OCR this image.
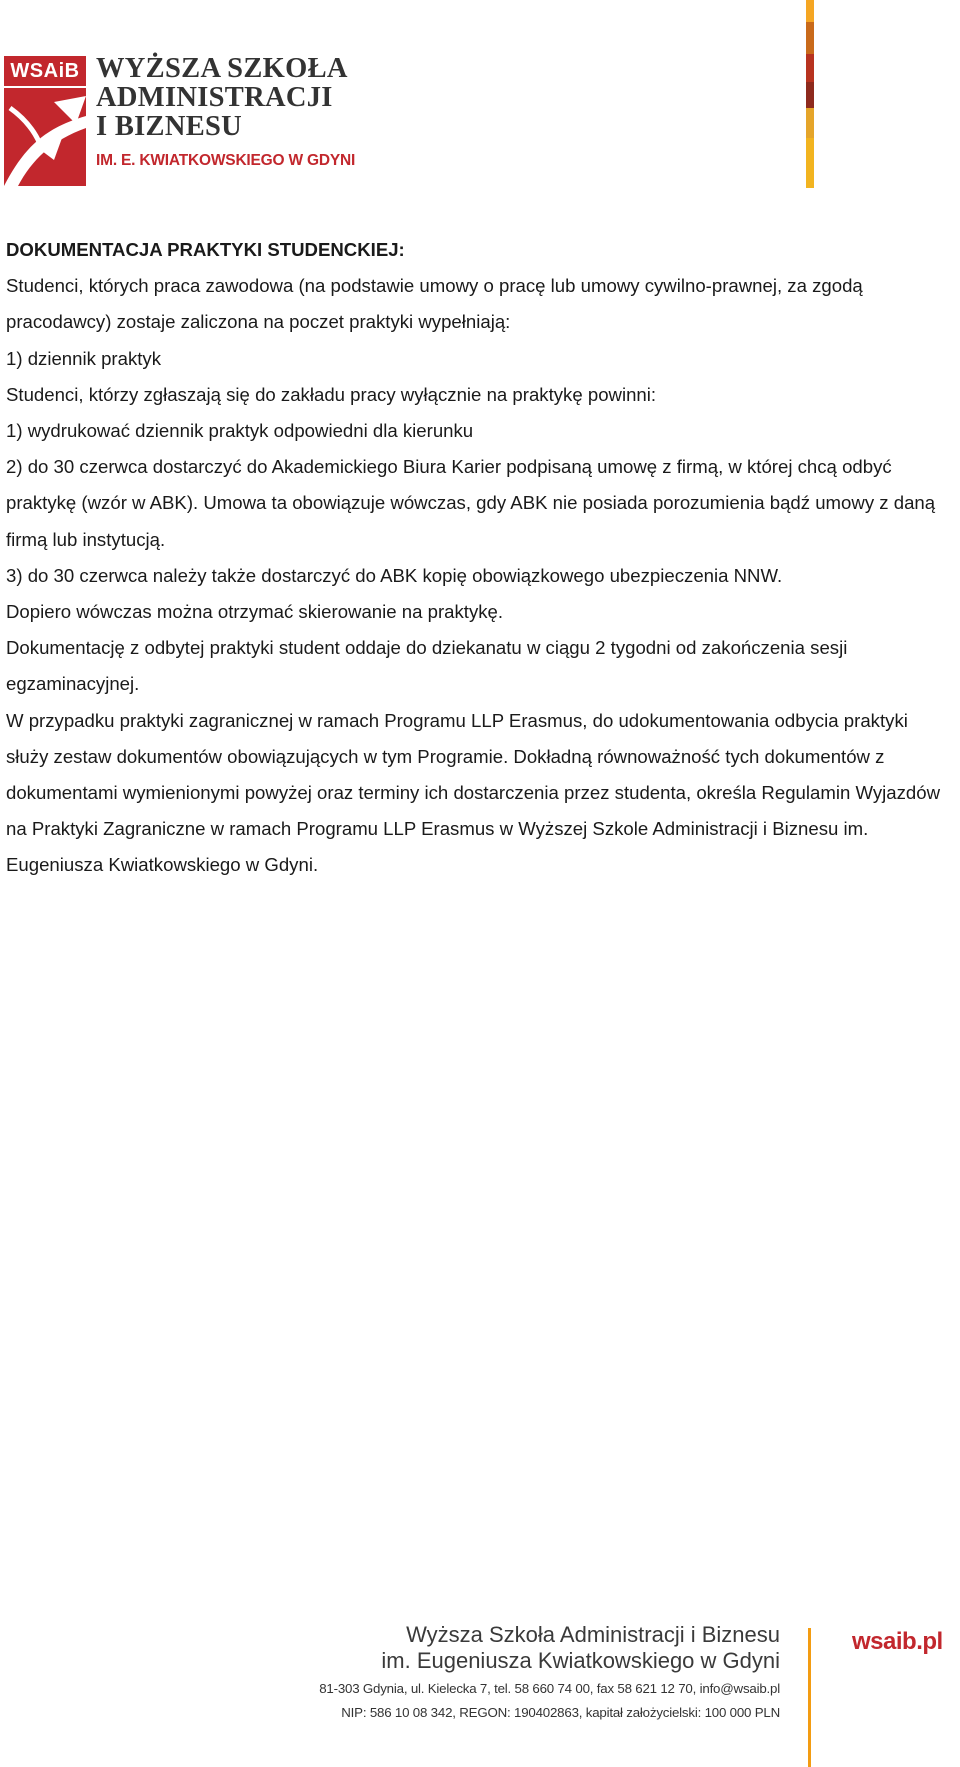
WSAiB WYŻSZA SZKOŁA
ADMINISTRACJI
I BIZNESU
IM. E. KWIATKOWSKIEGO W GDYNI

DOKUMENTACJA PRAKTYKI STUDENCKIEJ:

Studenci, których praca zawodowa (na podstawie umowy o pracę lub umowy cywilno-prawnej, za zgodą pracodawcy) zostaje zaliczona na poczet praktyki wypełniają:

1) dziennik praktyk

Studenci, którzy zgłaszają się do zakładu pracy wyłącznie na praktykę powinni:

1) wydrukować dziennik praktyk odpowiedni dla kierunku

2) do 30 czerwca dostarczyć do Akademickiego Biura Karier podpisaną umowę z firmą, w której chcą odbyć praktykę (wzór w ABK). Umowa ta obowiązuje wówczas, gdy ABK nie posiada porozumienia bądź umowy z daną firmą lub instytucją.

3) do 30 czerwca należy także dostarczyć do ABK kopię obowiązkowego ubezpieczenia NNW.

Dopiero wówczas można otrzymać skierowanie na praktykę.

Dokumentację z odbytej praktyki student oddaje do dziekanatu w ciągu 2 tygodni od zakończenia sesji egzaminacyjnej.

W przypadku praktyki zagranicznej w ramach Programu LLP Erasmus, do udokumentowania odbycia praktyki służy zestaw dokumentów obowiązujących w tym Programie. Dokładną równoważność tych dokumentów z dokumentami wymienionymi powyżej oraz terminy ich dostarczenia przez studenta, określa Regulamin Wyjazdów na Praktyki Zagraniczne w ramach Programu LLP Erasmus w Wyższej Szkole Administracji i Biznesu im. Eugeniusza Kwiatkowskiego w Gdyni.

Wyższa Szkoła Administracji i Biznesu
im. Eugeniusza Kwiatkowskiego w Gdyni
81-303 Gdynia, ul. Kielecka 7, tel. 58 660 74 00, fax 58 621 12 70, info@wsaib.pl
NIP: 586 10 08 342, REGON: 190402863, kapitał założycielski: 100 000 PLN
wsaib.pl
